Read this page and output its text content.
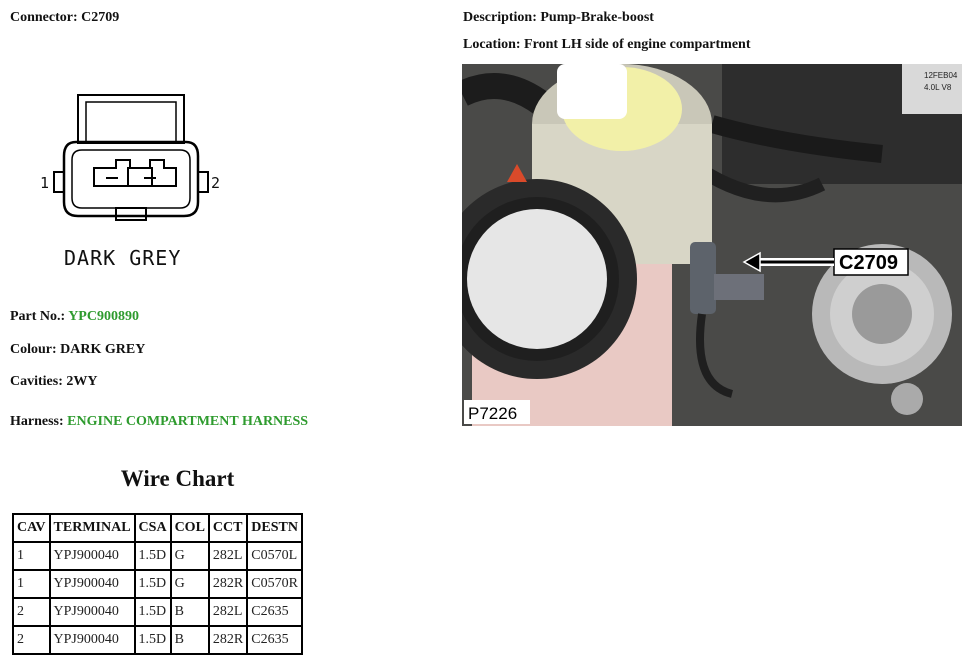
Connector: C2709	Description: Pump-Brake-boost
Location: Front LH side of engine compartment
1	2
DARK GREY
12FEB04
4.0L V8
C2709
P7226
Part No.: YPC900890
Colour: DARK GREY
Cavities: 2WY
Harness: ENGINE COMPARTMENT HARNESS
Wire Chart
CAV	TERMINAL	CSA	COL	CCT	DESTN
1	YPJ900040	1.5D	G	282L	C0570L
1	YPJ900040	1.5D	G	282R	C0570R
2	YPJ900040	1.5D	B	282L	C2635
2	YPJ900040	1.5D	B	282R	C2635
